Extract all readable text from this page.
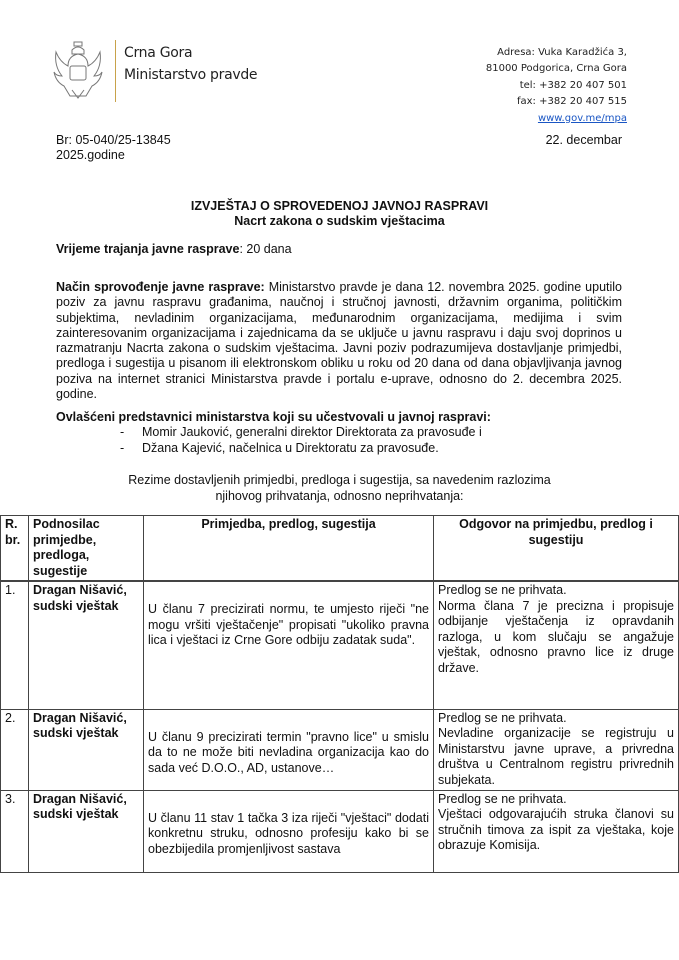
Crna Gora
Ministarstvo pravde
Adresa: Vuka Karadžića 3,
81000 Podgorica, Crna Gora
tel: +382 20 407 501
fax: +382 20 407 515
www.gov.me/mpa
Br: 05-040/25-13845
2025.godine
22. decembar
IZVJEŠTAJ O SPROVEDENOJ JAVNOJ RASPRAVI
Nacrt zakona o sudskim vještacima
Vrijeme trajanja javne rasprave: 20 dana
Način sprovođenje javne rasprave: Ministarstvo pravde je dana 12. novembra 2025. godine uputilo poziv za javnu raspravu građanima, naučnoj i stručnoj javnosti, državnim organima, političkim subjektima, nevladinim organizacijama, međunarodnim organizacijama, medijima i svim zainteresovanim organizacijama i zajednicama da se uključe u javnu raspravu i daju svoj doprinos u razmatranju Nacrta zakona o sudskim vještacima. Javni poziv podrazumijeva dostavljanje primjedbi, predloga i sugestija u pisanom ili elektronskom obliku u roku od 20 dana od dana objavljivanja javnog poziva na internet stranici Ministarstva pravde i portalu e-uprave, odnosno do 2. decembra 2025. godine.
Ovlašćeni predstavnici ministarstva koji su učestvovali u javnoj raspravi:
- Momir Jauković, generalni direktor Direktorata za pravosuđe i
- Džana Kajević, načelnica u Direktoratu za pravosuđe.
Rezime dostavljenih primjedbi, predloga i sugestija, sa navedenim razlozima
njihovog prihvatanja, odnosno neprihvatanja:
R. br.	Podnosilac primjedbe, predloga, sugestije	Primjedba, predlog, sugestija	Odgovor na primjedbu, predlog i sugestiju
1.	Dragan Nišavić, sudski vještak	U članu 7 precizirati normu, te umjesto riječi "ne mogu vršiti vještačenje" propisati "ukoliko pravna lica i vještaci iz Crne Gore odbiju zadatak suda".	Predlog se ne prihvata.
Norma člana 7 je precizna i propisuje odbijanje vještačenja iz opravdanih razloga, u kom slučaju se angažuje vještak, odnosno pravno lice iz druge države.

2.	Dragan Nišavić, sudski vještak	U članu 9 precizirati termin "pravno lice" u smislu da to ne može biti nevladina organizacija kao do sada već D.O.O., AD, ustanove…	Predlog se ne prihvata.
Nevladine organizacije se registruju u Ministarstvu javne uprave, a privredna društva u Centralnom registru privrednih subjekata.

3.	Dragan Nišavić, sudski vještak	U članu 11 stav 1 tačka 3 iza riječi "vještaci" dodati konkretnu struku, odnosno profesiju kako bi se obezbijedila promjenljivost sastava	Predlog se ne prihvata.
Vještaci odgovarajućih struka članovi su stručnih timova za ispit za vještaka, koje obrazuje Komisija.
